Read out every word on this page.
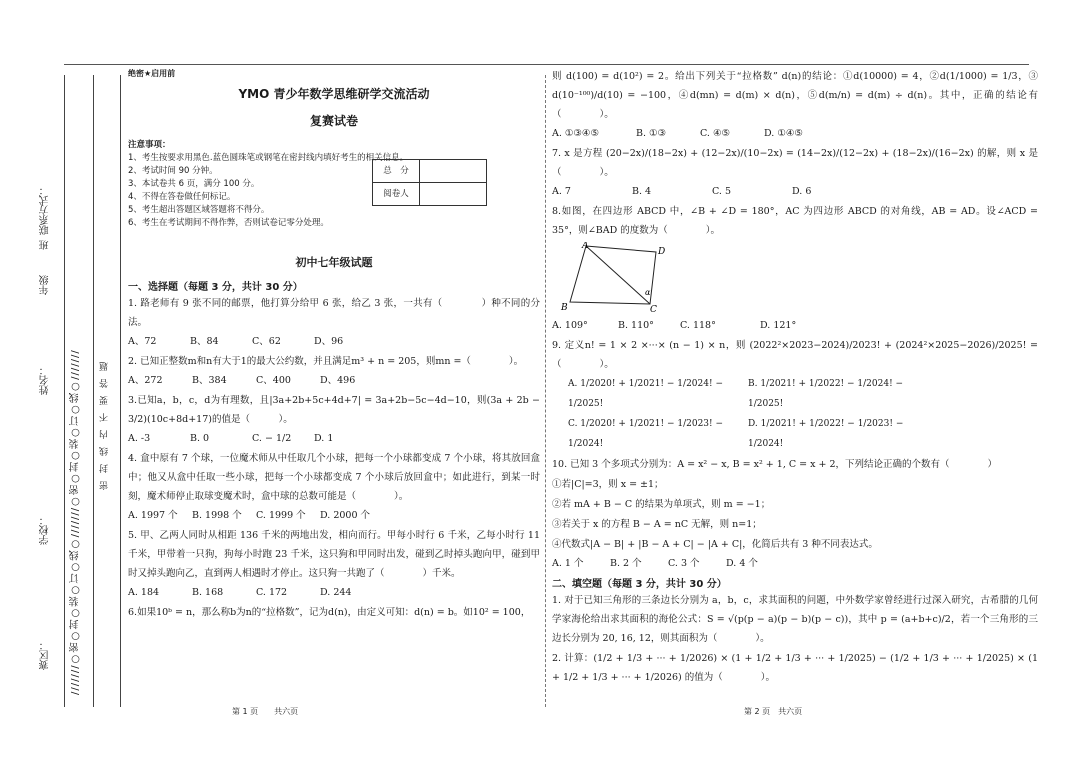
赛区：
学校：
姓名：
年级
班
联系方式：
///////○密○封○装○订○线○///////○密○封○装○订○线○/////// 密封线内不要答题
绝密★启用前
YMO 青少年数学思维研学交流活动
复赛试卷
注意事项：
1、考生按要求用黑色.蓝色圆珠笔或钢笔在密封线内填好考生的相关信息。
2、考试时间 90 分钟。
3、本试卷共 6 页，满分 100 分。
4、不得在答卷做任何标记。
5、考生超出答题区域答题将不得分。
6、考生在考试期间不得作弊，否则试卷记零分处理。
总　分	
阅卷人	
初中七年级试题
一、选择题（每题 3 分，共计 30 分）
1. 路老师有 9 张不同的邮票，他打算分给甲 6 张，给乙 3 张，一共有（　　　　）种不同的分法。
A、72	B、84	C、62	D、96
2. 已知正整数m和n有大于1的最大公约数，并且满足m³ + n = 205，则mn =（　　　　）。
A、272	B、384	C、400	D、496
3.已知a，b，c，d为有理数，且|3a+2b+5c+4d+7| = 3a+2b−5c−4d−10，则(3a + 2b − 3/2)(10c+8d+17)的值是（　　　）。
A. -3	B. 0	C. − 1/2	D. 1
4. 盒中原有 7 个球，一位魔术师从中任取几个小球，把每一个小球都变成 7 个小球，将其放回盒中；他又从盒中任取一些小球，把每一个小球都变成 7 个小球后放回盒中；如此进行，到某一时刻，魔术师停止取球变魔术时，盒中球的总数可能是（　　　　）。
A. 1997 个	B. 1998 个	C. 1999 个	D. 2000 个
5. 甲、乙两人同时从相距 136 千米的两地出发，相向而行。甲每小时行 6 千米，乙每小时行 11 千米，甲带着一只狗，狗每小时跑 23 千米，这只狗和甲同时出发，碰到乙时掉头跑向甲，碰到甲时又掉头跑向乙，直到两人相遇时才停止。这只狗一共跑了（　　　　）千米。
A. 184	B. 168	C. 172	D. 244
6.如果10ᵇ = n，那么称b为n的“拉格数”，记为d(n)，由定义可知：d(n) = b。如10² = 100，
则 d(100) = d(10²) = 2。给出下列关于“拉格数” d(n)的结论：①d(10000) = 4，②d(1/1000) = 1/3，③ d(10⁻¹⁰⁰)/d(10) = −100，④d(mn) = d(m) × d(n)，⑤d(m/n) = d(m) ÷ d(n)。其中，正确的结论有（　　　　）。
A. ①③④⑤	B. ①③	C. ④⑤	D. ①④⑤
7. x 是方程 (20−2x)/(18−2x) + (12−2x)/(10−2x) = (14−2x)/(12−2x) + (18−2x)/(16−2x) 的解，则 x 是（　　　　）。
A. 7	B. 4	C. 5	D. 6
8.如图，在四边形 ABCD 中，∠B + ∠D = 180°，AC 为四边形 ABCD 的对角线，AB = AD。设∠ACD = 35°，则∠BAD 的度数为（　　　　）。
A
D
B	C
α
A. 109°	B. 110°	C. 118°	D. 121°
9. 定义n! = 1 × 2 ×···× (n − 1) × n，则 (2022²×2023−2024)/2023! + (2024²×2025−2026)/2025! =（　　　　）。
A. 1/2020! + 1/2021! − 1/2024! − 1/2025!
B. 1/2021! + 1/2022! − 1/2024! − 1/2025!
C. 1/2020! + 1/2021! − 1/2023! − 1/2024!
D. 1/2021! + 1/2022! − 1/2023! − 1/2024!
10. 已知 3 个多项式分别为：A = x² − x, B = x² + 1, C = x + 2，下列结论正确的个数有（　　　　）
①若|C|=3，则 x = ±1；
②若 mA + B − C 的结果为单项式，则 m = −1；
③若关于 x 的方程 B − A = nC 无解，则 n=1；
④代数式|A − B| + |B − A + C| − |A + C|，化简后共有 3 种不同表达式。
A. 1 个	B. 2 个	C. 3 个	D. 4 个
二、填空题（每题 3 分，共计 30 分）
1. 对于已知三角形的三条边长分别为 a，b，c，求其面积的问题，中外数学家曾经进行过深入研究，古希腊的几何学家海伦给出求其面积的海伦公式：S = √(p(p − a)(p − b)(p − c))，其中 p = (a+b+c)/2，若一个三角形的三边长分别为 20, 16, 12，则其面积为（　　　　）。
2. 计算：(1/2 + 1/3 + ··· + 1/2026) × (1 + 1/2 + 1/3 + ··· + 1/2025) − (1/2 + 1/3 + ··· + 1/2025) × (1 + 1/2 + 1/3 + ··· + 1/2026) 的值为（　　　　）。
第 1 页　　共六页	第 2 页　共六页
